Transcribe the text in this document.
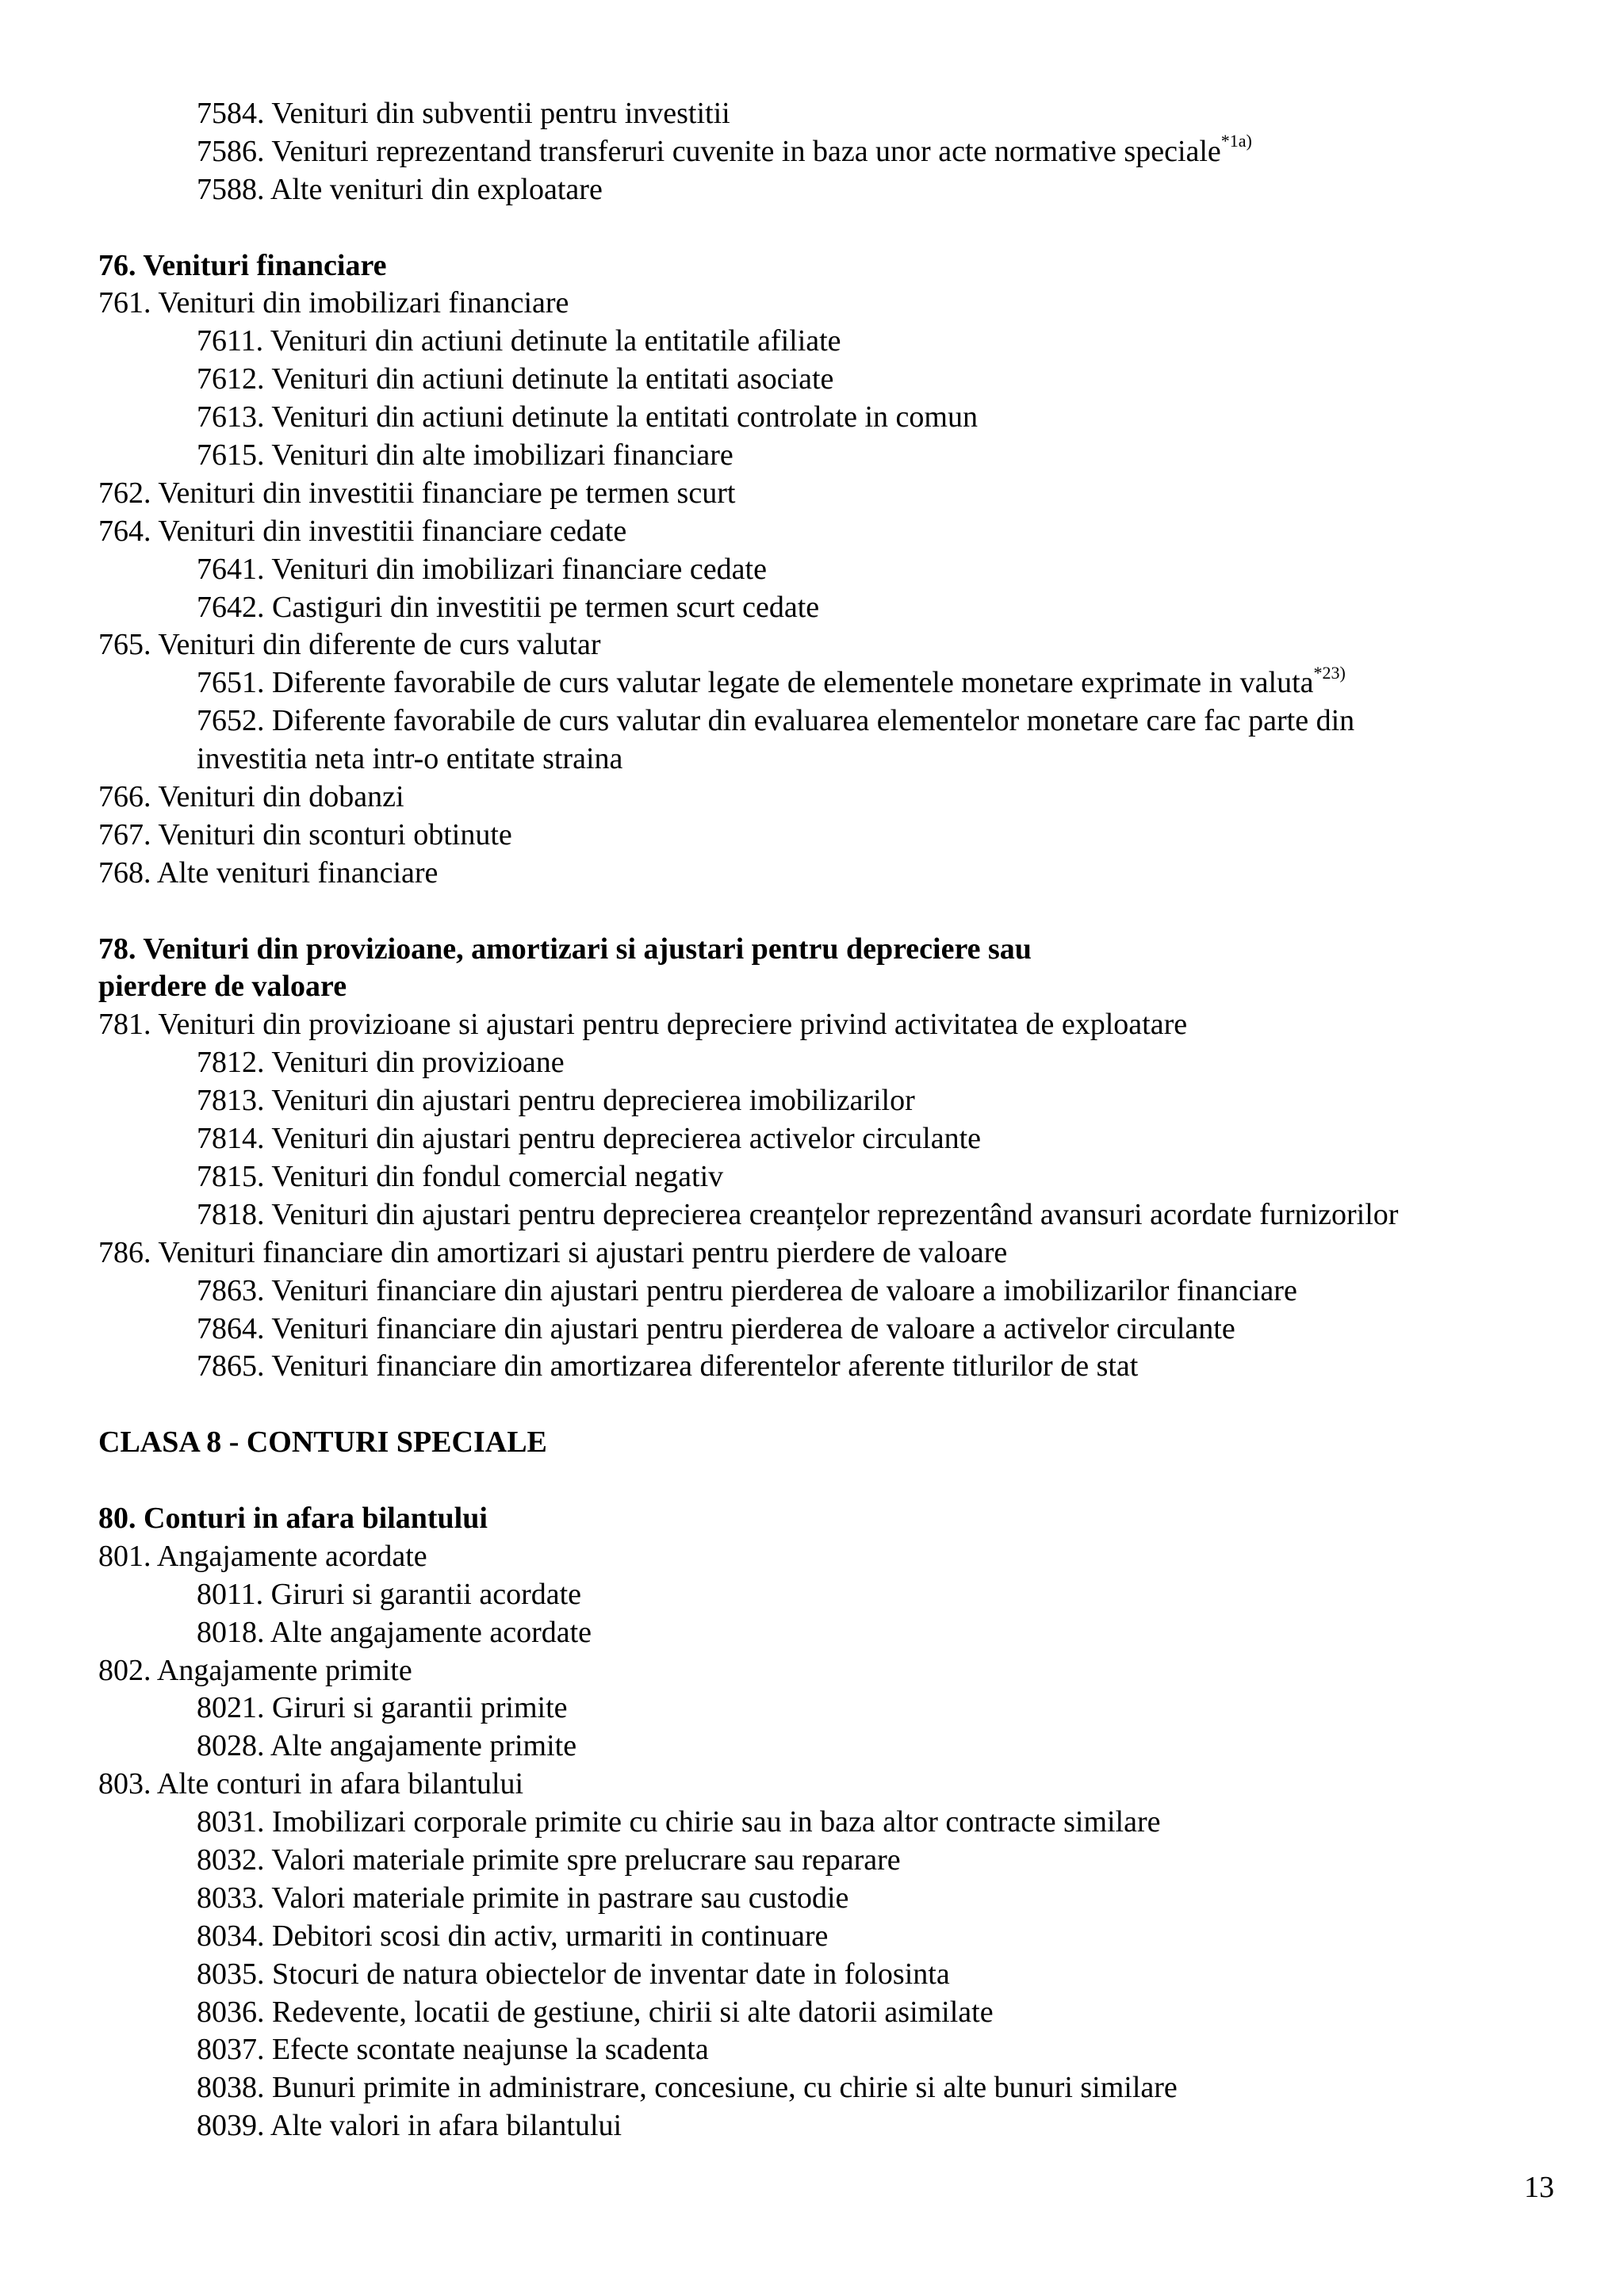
7584. Venituri din subventii pentru investitii
7586. Venituri reprezentand transferuri cuvenite in baza unor acte normative speciale$^{*1a)}$
7588. Alte venituri din exploatare
76. Venituri financiare
761. Venituri din imobilizari financiare
7611. Venituri din actiuni detinute la entitatile afiliate
7612. Venituri din actiuni detinute la entitati asociate
7613. Venituri din actiuni detinute la entitati controlate in comun
7615. Venituri din alte imobilizari financiare
762. Venituri din investitii financiare pe termen scurt
764. Venituri din investitii financiare cedate
7641. Venituri din imobilizari financiare cedate
7642. Castiguri din investitii pe termen scurt cedate
765. Venituri din diferente de curs valutar
7651. Diferente favorabile de curs valutar legate de elementele monetare exprimate in valuta$^{*23)}$
7652. Diferente favorabile de curs valutar din evaluarea elementelor monetare care fac parte din
investitia neta intr-o entitate straina
766. Venituri din dobanzi
767. Venituri din sconturi obtinute
768. Alte venituri financiare
78. Venituri din provizioane, amortizari si ajustari pentru depreciere sau
pierdere de valoare
781. Venituri din provizioane si ajustari pentru depreciere privind activitatea de exploatare
7812. Venituri din provizioane
7813. Venituri din ajustari pentru deprecierea imobilizarilor
7814. Venituri din ajustari pentru deprecierea activelor circulante
7815. Venituri din fondul comercial negativ
7818. Venituri din ajustari pentru deprecierea creanțelor reprezentând avansuri acordate furnizorilor
786. Venituri financiare din amortizari si ajustari pentru pierdere de valoare
7863. Venituri financiare din ajustari pentru pierderea de valoare a imobilizarilor financiare
7864. Venituri financiare din ajustari pentru pierderea de valoare a activelor circulante
7865. Venituri financiare din amortizarea diferentelor aferente titlurilor de stat
CLASA 8 - CONTURI SPECIALE
80. Conturi in afara bilantului
801. Angajamente acordate
8011. Giruri si garantii acordate
8018. Alte angajamente acordate
802. Angajamente primite
8021. Giruri si garantii primite
8028. Alte angajamente primite
803. Alte conturi in afara bilantului
8031. Imobilizari corporale primite cu chirie sau in baza altor contracte similare
8032. Valori materiale primite spre prelucrare sau reparare
8033. Valori materiale primite in pastrare sau custodie
8034. Debitori scosi din activ, urmariti in continuare
8035. Stocuri de natura obiectelor de inventar date in folosinta
8036. Redevente, locatii de gestiune, chirii si alte datorii asimilate
8037. Efecte scontate neajunse la scadenta
8038. Bunuri primite in administrare, concesiune, cu chirie si alte bunuri similare
8039. Alte valori in afara bilantului
13
